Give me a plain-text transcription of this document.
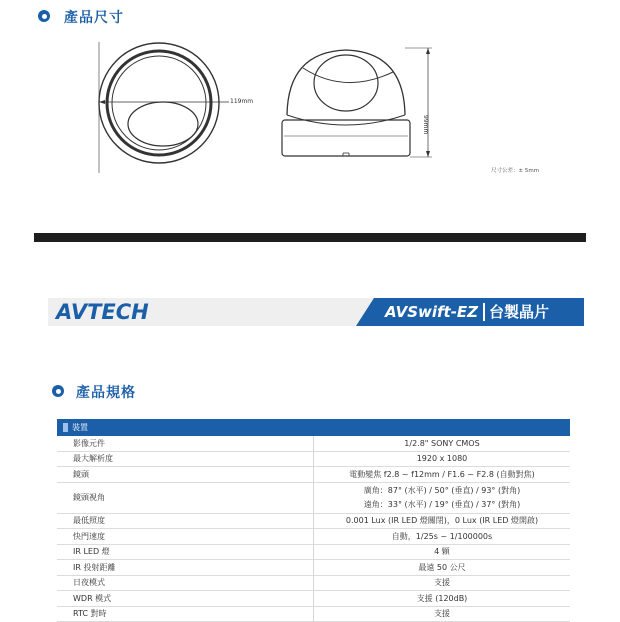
產品尺寸
119mm
99mm
尺寸公差：± 5mm
AVTECH	AVSwift-EZ 台製晶片
產品規格
裝置	
影像元件	1/2.8" SONY CMOS
最大解析度	1920 x 1080
鏡頭	電動變焦 f2.8 ~ f12mm / F1.6 ~ F2.8 (自動對焦)
鏡頭視角	廣角：87° (水平) / 50° (垂直) / 93° (對角)
遠角：33° (水平) / 19° (垂直) / 37° (對角)

最低照度	0.001 Lux (IR LED 燈關閉)，0 Lux (IR LED 燈開啟)
快門速度	自動，1/25s ~ 1/100000s
IR LED 燈	4 顆
IR 投射距離	最遠 50 公尺
日夜模式	支援
WDR 模式	支援 (120dB)
RTC 對時	支援
